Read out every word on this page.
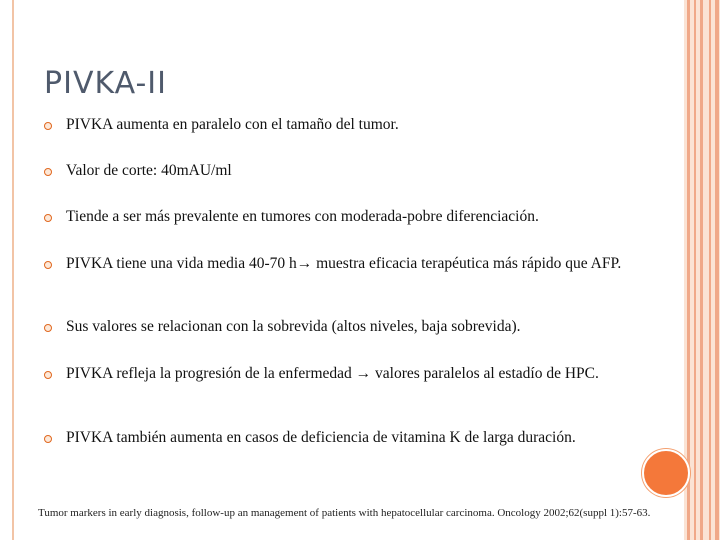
PIVKA-II
PIVKA aumenta en paralelo con el tamaño del tumor.
Valor de corte: 40mAU/ml
Tiende a ser más prevalente en tumores con moderada-pobre diferenciación.
PIVKA tiene una vida media 40-70 h→ muestra eficacia terapéutica más rápido que AFP.
Sus valores se relacionan con la sobrevida (altos niveles, baja sobrevida).
PIVKA refleja la progresión de la enfermedad → valores paralelos al estadío de HPC.
PIVKA también aumenta en casos de deficiencia de vitamina K de larga duración.
Tumor markers in early diagnosis, follow-up an management of patients with hepatocellular carcinoma. Oncology 2002;62(suppl 1):57-63.
